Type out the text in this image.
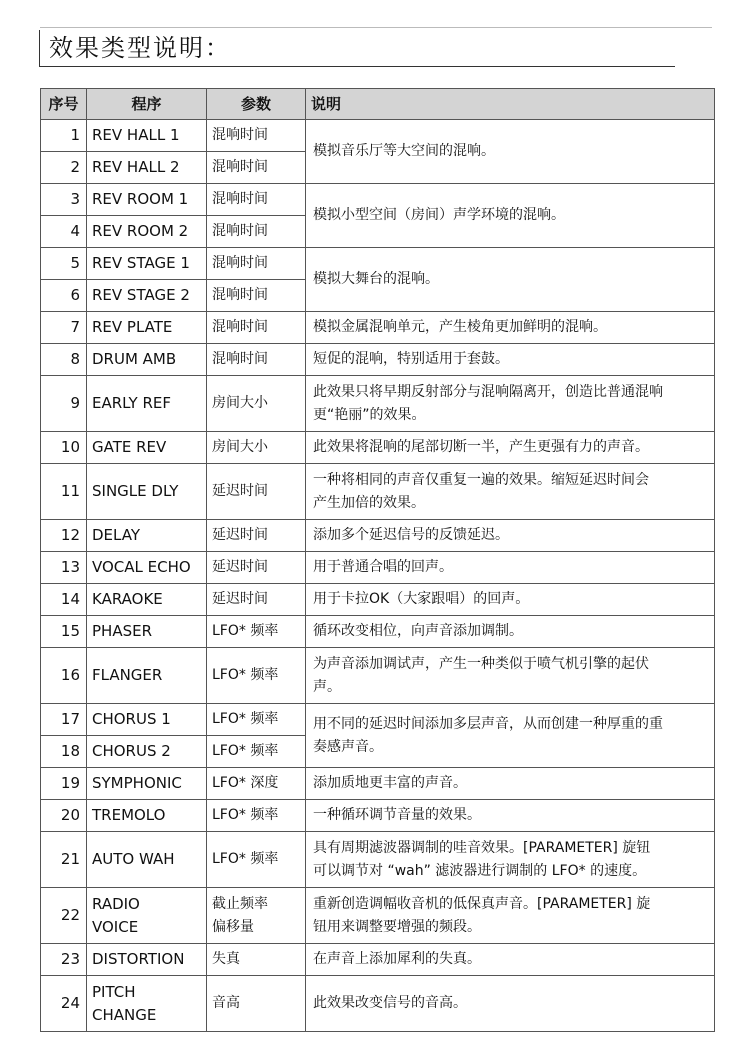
效果类型说明：
序号	程序	参数	说明
1	REV HALL 1	混响时间	模拟音乐厅等大空间的混响。
2	REV HALL 2	混响时间	
3	REV ROOM 1	混响时间	模拟小型空间（房间）声学环境的混响。
4	REV ROOM 2	混响时间	
5	REV STAGE 1	混响时间	模拟大舞台的混响。
6	REV STAGE 2	混响时间	
7	REV PLATE	混响时间	模拟金属混响单元，产生棱角更加鲜明的混响。
8	DRUM AMB	混响时间	短促的混响，特别适用于套鼓。
9	EARLY REF	房间大小	此效果只将早期反射部分与混响隔离开，创造比普通混响
更“艳丽”的效果。

10	GATE REV	房间大小	此效果将混响的尾部切断一半，产生更强有力的声音。
11	SINGLE DLY	延迟时间	一种将相同的声音仅重复一遍的效果。缩短延迟时间会
产生加倍的效果。

12	DELAY	延迟时间	添加多个延迟信号的反馈延迟。
13	VOCAL ECHO	延迟时间	用于普通合唱的回声。
14	KARAOKE	延迟时间	用于卡拉OK（大家跟唱）的回声。
15	PHASER	LFO* 频率	循环改变相位，向声音添加调制。
16	FLANGER	LFO* 频率	为声音添加调试声，产生一种类似于喷气机引擎的起伏
声。

17	CHORUS 1	LFO* 频率	用不同的延迟时间添加多层声音，从而创建一种厚重的重
奏感声音。

18	CHORUS 2	LFO* 频率	
19	SYMPHONIC	LFO* 深度	添加质地更丰富的声音。
20	TREMOLO	LFO* 频率	一种循环调节音量的效果。
21	AUTO WAH	LFO* 频率	具有周期滤波器调制的哇音效果。[PARAMETER] 旋钮
可以调节对 “wah” 滤波器进行调制的 LFO* 的速度。

22	RADIO
VOICE	截止频率
偏移量	重新创造调幅收音机的低保真声音。[PARAMETER] 旋
钮用来调整要增强的频段。

23	DISTORTION	失真	在声音上添加犀利的失真。
24	PITCH
CHANGE	音高	此效果改变信号的音高。
